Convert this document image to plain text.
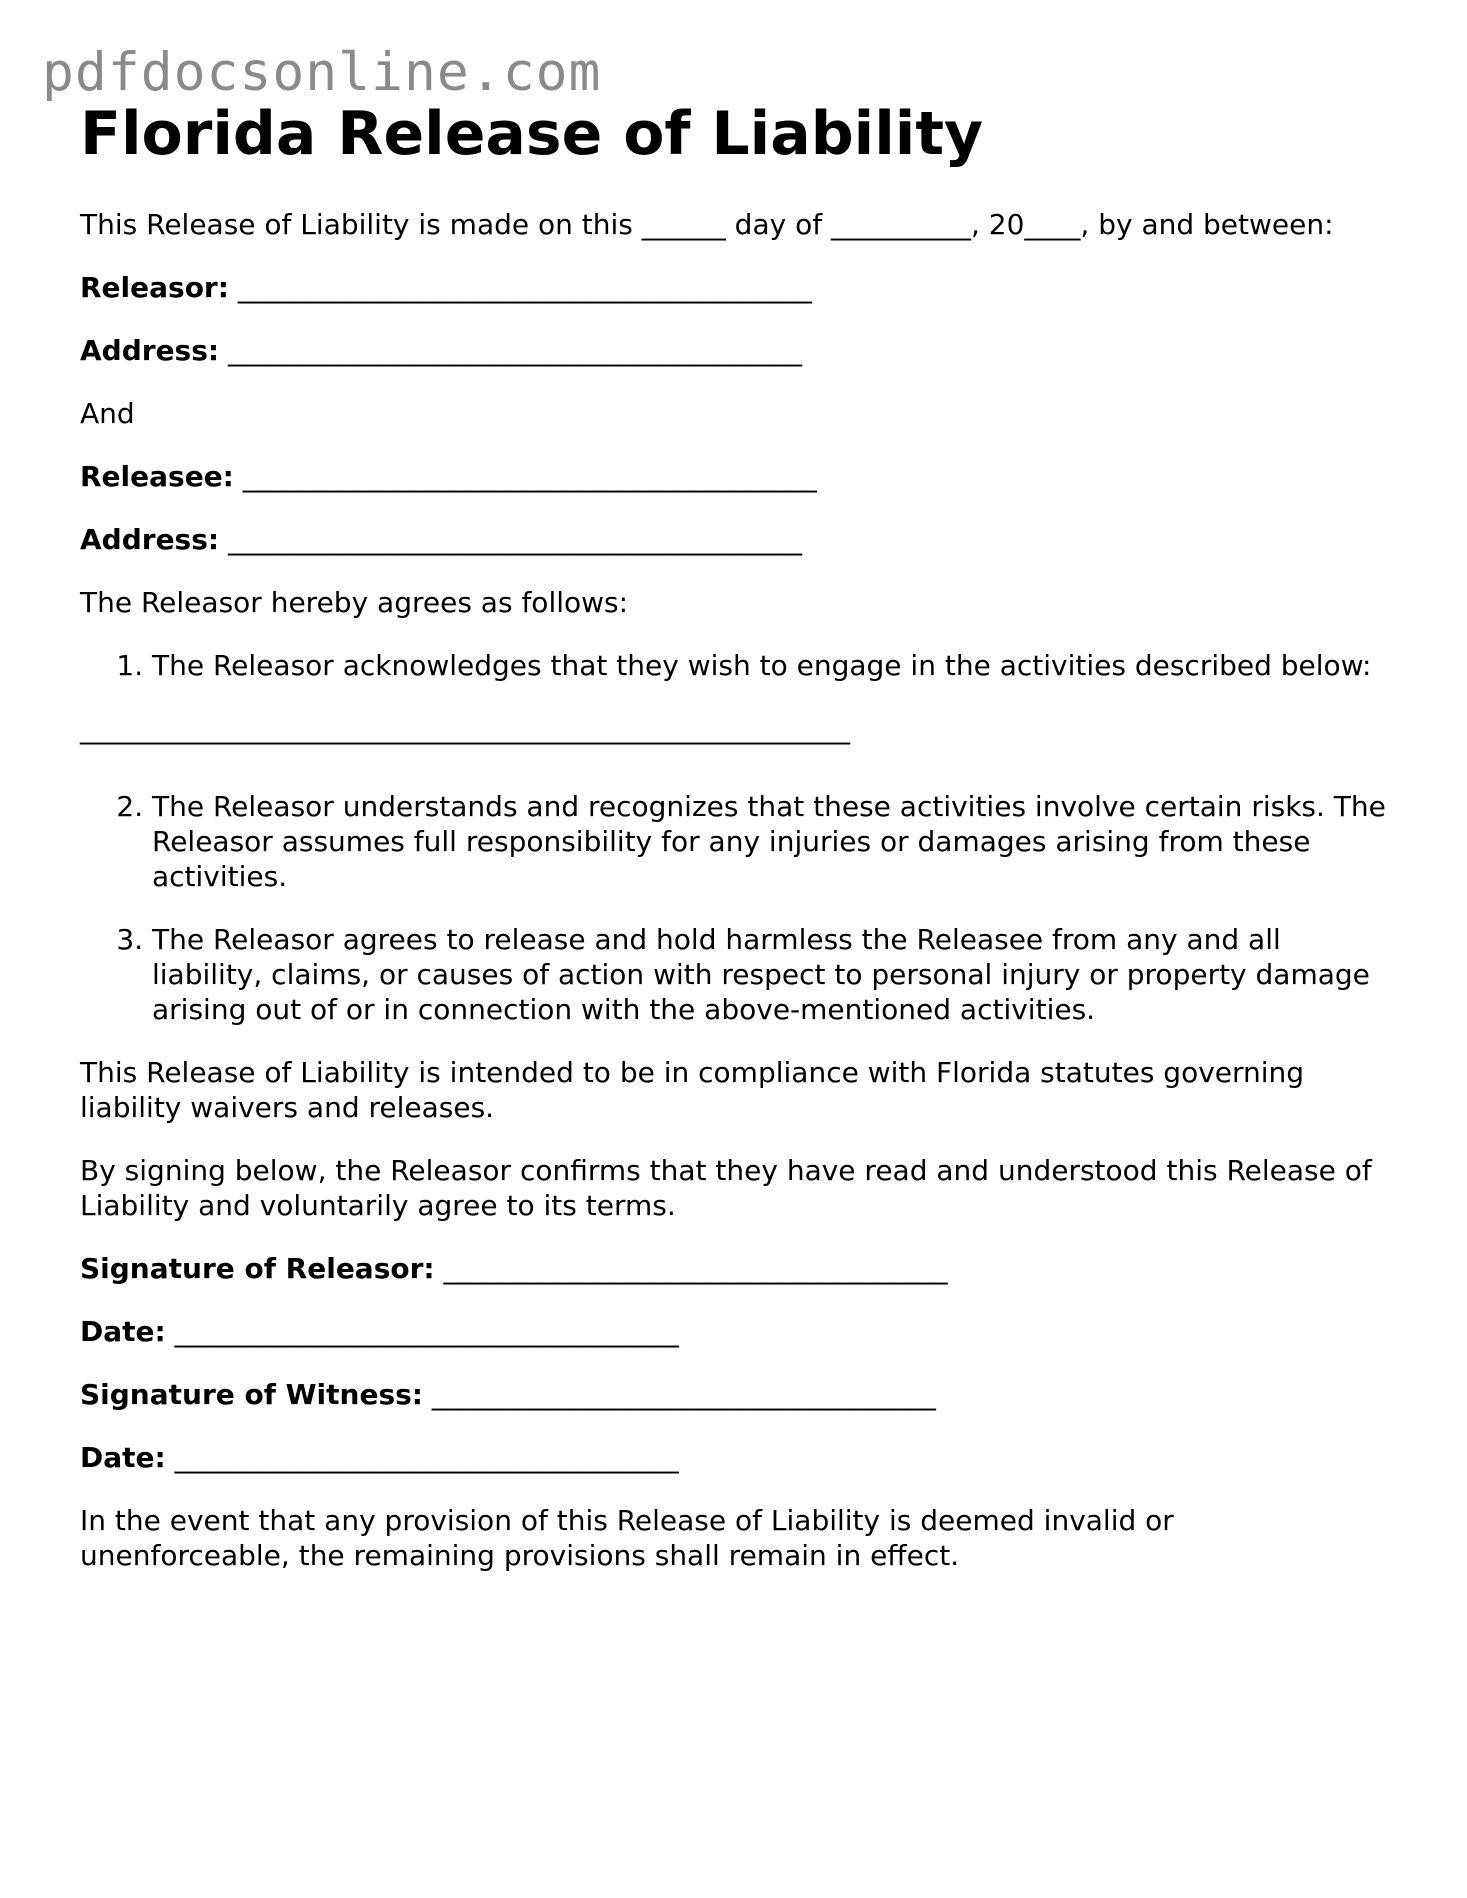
pdfdocsonline.com
Florida Release of Liability

This Release of Liability is made on this ______ day of __________, 20____, by and between:

Releasor: _________________________________________

Address: _________________________________________

And

Releasee: _________________________________________

Address: _________________________________________

The Releasor hereby agrees as follows:

1. The Releasor acknowledges that they wish to engage in the activities described below:
_______________________________________________________
2. The Releasor understands and recognizes that these activities involve certain risks. The Releasor assumes full responsibility for any injuries or damages arising from these activities.
3. The Releasor agrees to release and hold harmless the Releasee from any and all liability, claims, or causes of action with respect to personal injury or property damage arising out of or in connection with the above-mentioned activities.

This Release of Liability is intended to be in compliance with Florida statutes governing liability waivers and releases.

By signing below, the Releasor confirms that they have read and understood this Release of Liability and voluntarily agree to its terms.

Signature of Releasor: ____________________________________

Date: ____________________________________

Signature of Witness: ____________________________________

Date: ____________________________________

In the event that any provision of this Release of Liability is deemed invalid or unenforceable, the remaining provisions shall remain in effect.
